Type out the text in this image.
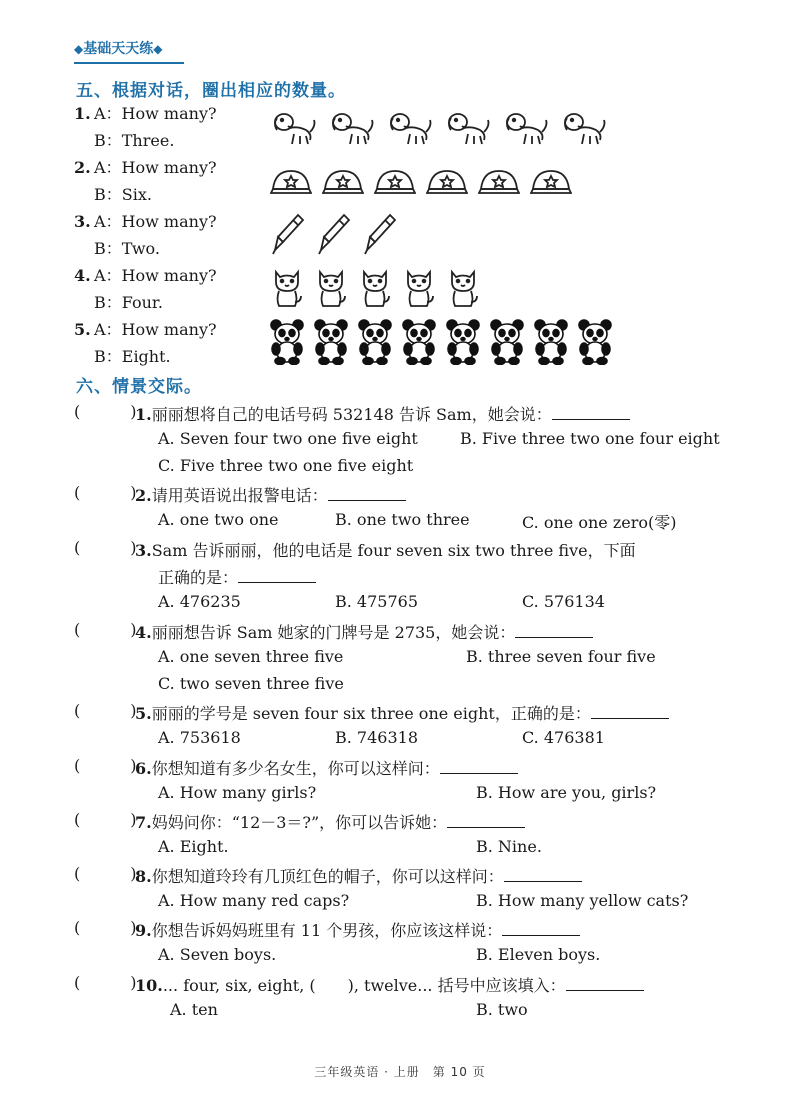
◆基础天天练◆
五、根据对话，圈出相应的数量。
1. A：How many?
B：Three.
2. A：How many?
B：Six.
3. A：How many?
B：Two.
4. A：How many?
B：Four.
5. A：How many?
B：Eight.
六、情景交际。
(	)
1.丽丽想将自己的电话号码 532148 告诉 Sam，她会说：
A. Seven four two one five eight	B. Five three two one four eight
C. Five three two one five eight
(	)
2.请用英语说出报警电话：
A. one two one	B. one two three	C. one one zero(零)
(	)
3.Sam 告诉丽丽，他的电话是 four seven six two three five，下面
正确的是：
A. 476235	B. 475765	C. 576134
(	)
4.丽丽想告诉 Sam 她家的门牌号是 2735，她会说：
A. one seven three five	B. three seven four five
C. two seven three five
(	)
5.丽丽的学号是 seven four six three one eight，正确的是：
A. 753618	B. 746318	C. 476381
(	)
6.你想知道有多少名女生，你可以这样问：
A. How many girls?	B. How are you, girls?
(	)
7.妈妈问你：“12－3＝?”，你可以告诉她：
A. Eight.	B. Nine.
(	)
8.你想知道玲玲有几顶红色的帽子，你可以这样问：
A. How many red caps?	B. How many yellow cats?
(	)
9.你想告诉妈妈班里有 11 个男孩，你应该这样说：
A. Seven boys.	B. Eleven boys.
(	)
10.... four, six, eight, (　　), twelve... 括号中应该填入：
A. ten	B. two
三年级英语 · 上册　第 10 页
